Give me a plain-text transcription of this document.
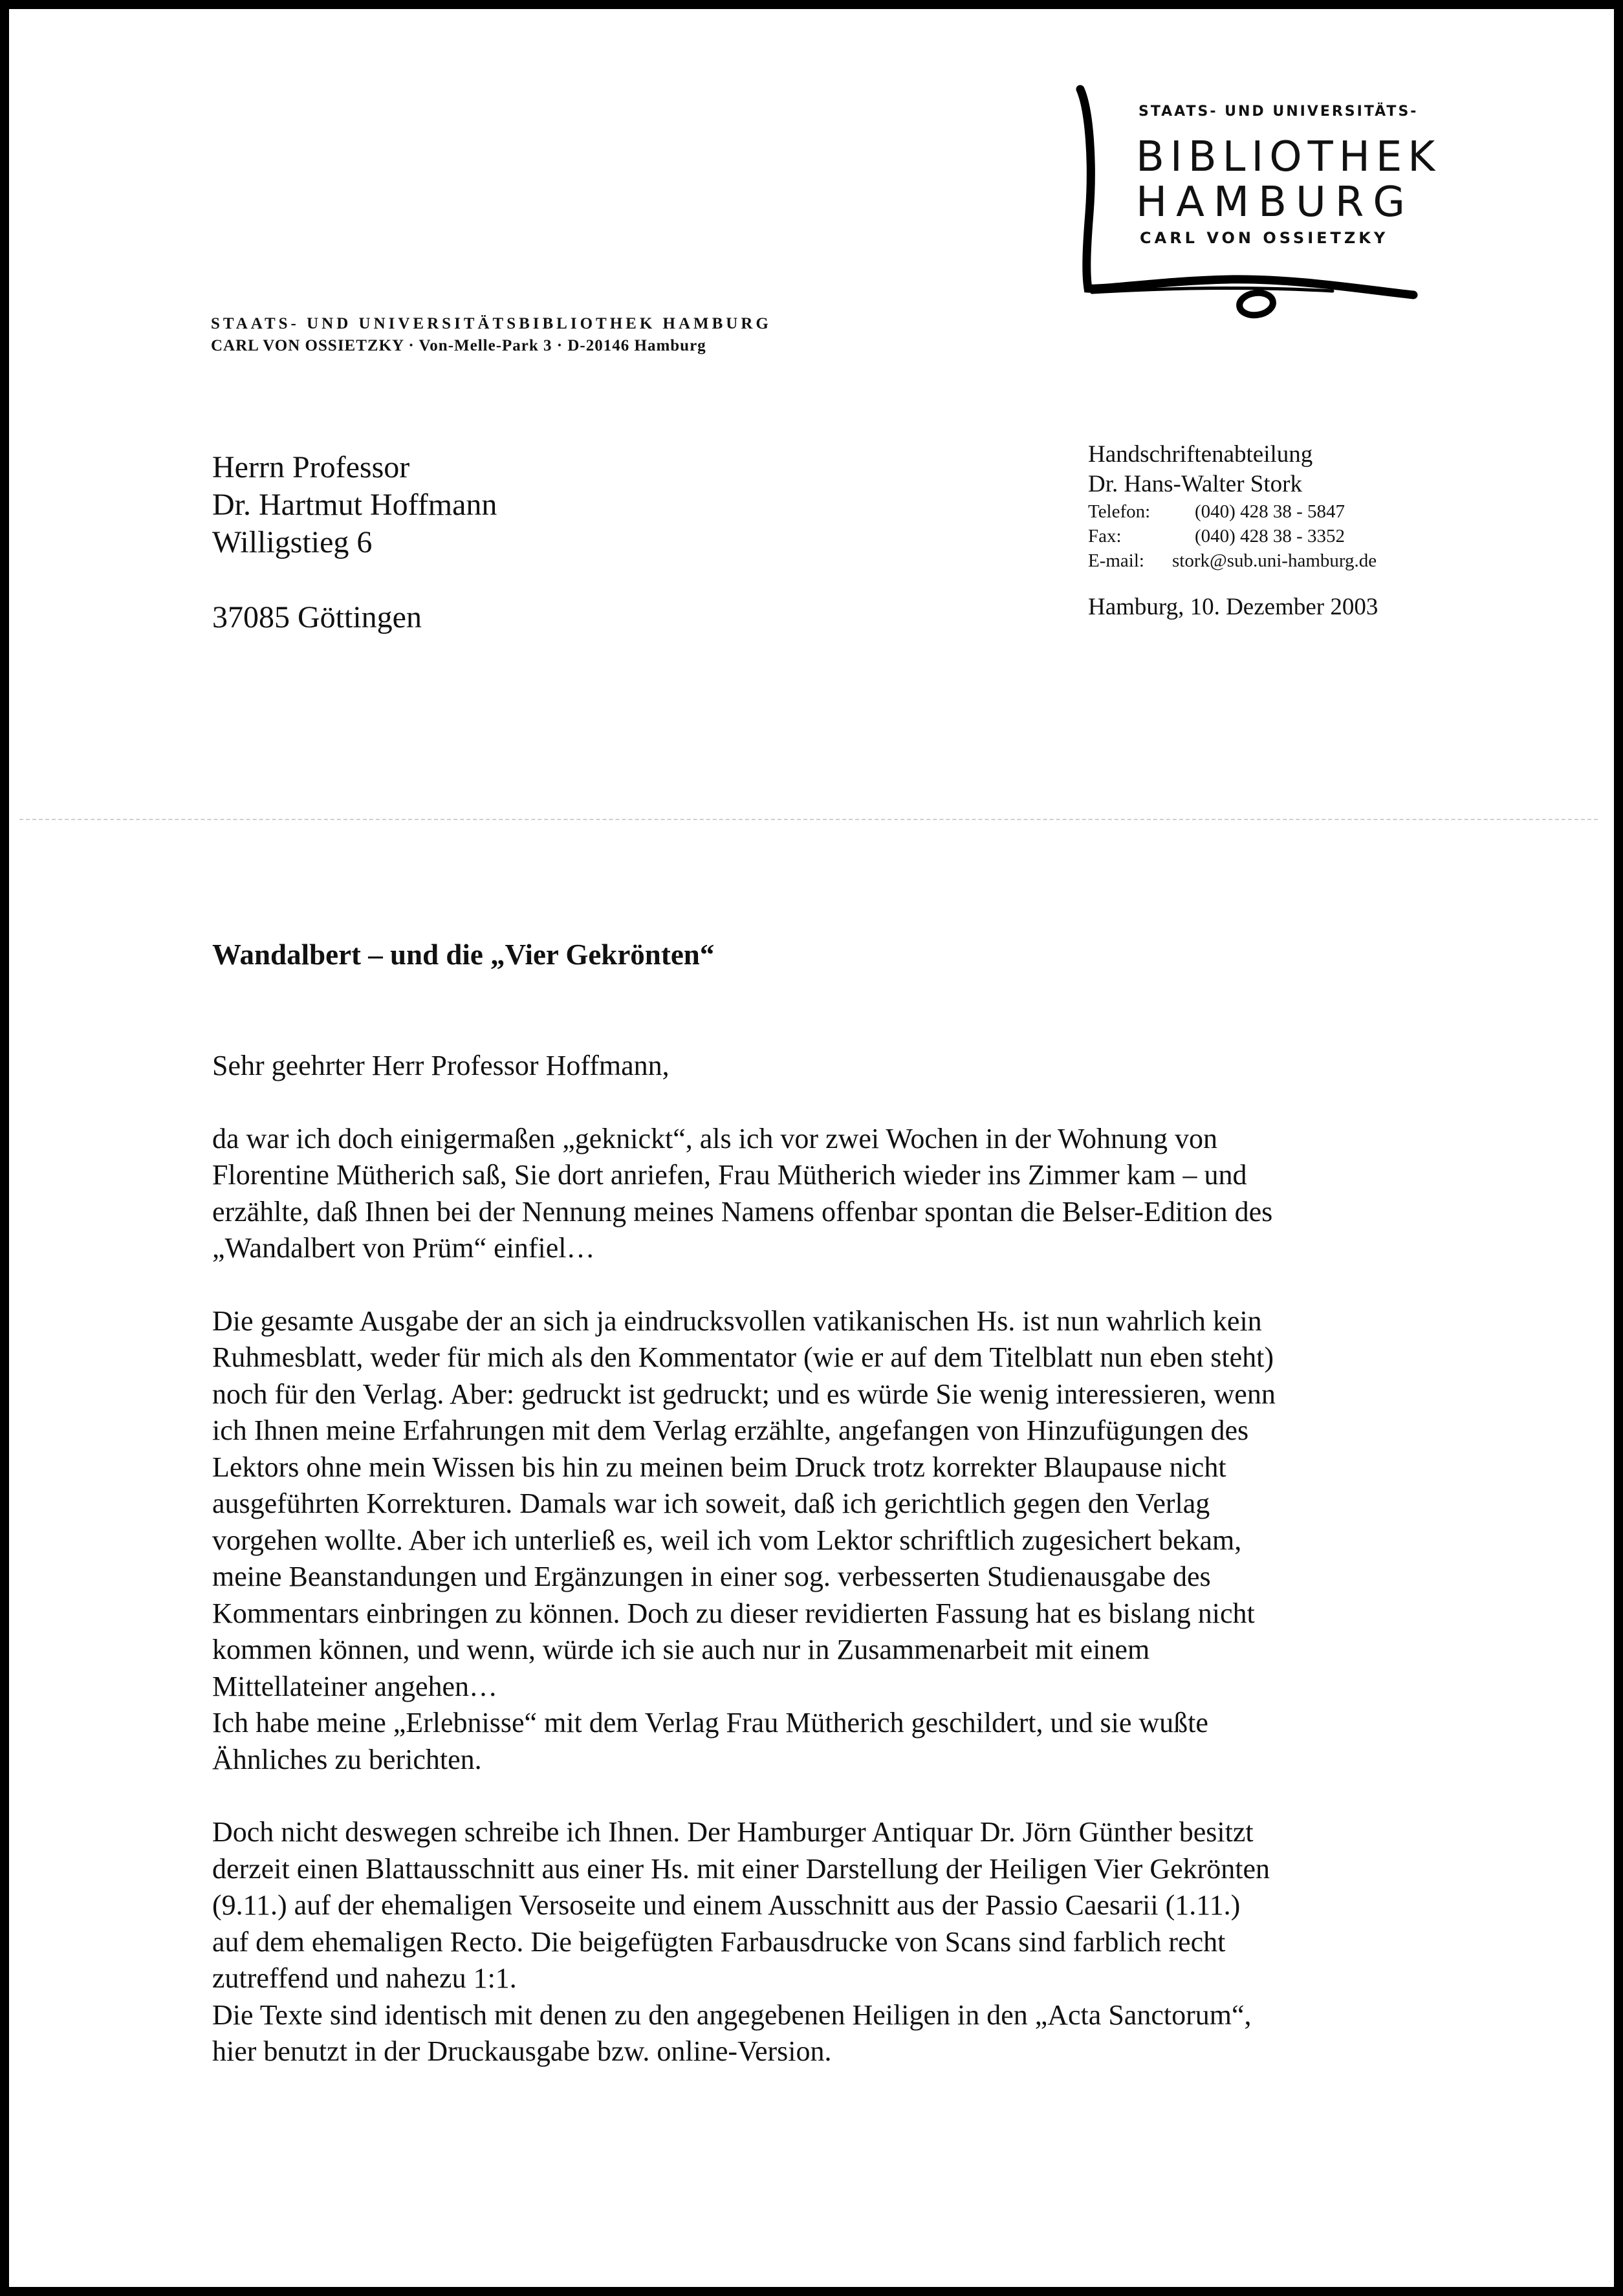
STAATS- UND UNIVERSITÄTS-
BIBLIOTHEK
HAMBURG
CARL VON OSSIETZKY
STAATS- UND UNIVERSITÄTSBIBLIOTHEK HAMBURG
CARL VON OSSIETZKY · Von-Melle-Park 3 · D-20146 Hamburg
Herrn Professor
Dr. Hartmut Hoffmann
Willigstieg 6
37085 Göttingen
Handschriftenabteilung
Dr. Hans-Walter Stork
Telefon: (040) 428 38 - 5847
Fax:	(040) 428 38 - 3352
E-mail: stork@sub.uni-hamburg.de
Hamburg, 10. Dezember 2003
Wandalbert – und die „Vier Gekrönten“

Sehr geehrter Herr Professor Hoffmann,

da war ich doch einigermaßen „geknickt“, als ich vor zwei Wochen in der Wohnung von
Florentine Mütherich saß, Sie dort anriefen, Frau Mütherich wieder ins Zimmer kam – und
erzählte, daß Ihnen bei der Nennung meines Namens offenbar spontan die Belser-Edition des
„Wandalbert von Prüm“ einfiel…

Die gesamte Ausgabe der an sich ja eindrucksvollen vatikanischen Hs. ist nun wahrlich kein
Ruhmesblatt, weder für mich als den Kommentator (wie er auf dem Titelblatt nun eben steht)
noch für den Verlag. Aber: gedruckt ist gedruckt; und es würde Sie wenig interessieren, wenn
ich Ihnen meine Erfahrungen mit dem Verlag erzählte, angefangen von Hinzufügungen des
Lektors ohne mein Wissen bis hin zu meinen beim Druck trotz korrekter Blaupause nicht
ausgeführten Korrekturen. Damals war ich soweit, daß ich gerichtlich gegen den Verlag
vorgehen wollte. Aber ich unterließ es, weil ich vom Lektor schriftlich zugesichert bekam,
meine Beanstandungen und Ergänzungen in einer sog. verbesserten Studienausgabe des
Kommentars einbringen zu können. Doch zu dieser revidierten Fassung hat es bislang nicht
kommen können, und wenn, würde ich sie auch nur in Zusammenarbeit mit einem
Mittellateiner angehen…
Ich habe meine „Erlebnisse“ mit dem Verlag Frau Mütherich geschildert, und sie wußte
Ähnliches zu berichten.

Doch nicht deswegen schreibe ich Ihnen. Der Hamburger Antiquar Dr. Jörn Günther besitzt
derzeit einen Blattausschnitt aus einer Hs. mit einer Darstellung der Heiligen Vier Gekrönten
(9.11.) auf der ehemaligen Versoseite und einem Ausschnitt aus der Passio Caesarii (1.11.)
auf dem ehemaligen Recto. Die beigefügten Farbausdrucke von Scans sind farblich recht
zutreffend und nahezu 1:1.
Die Texte sind identisch mit denen zu den angegebenen Heiligen in den „Acta Sanctorum“,
hier benutzt in der Druckausgabe bzw. online-Version.
